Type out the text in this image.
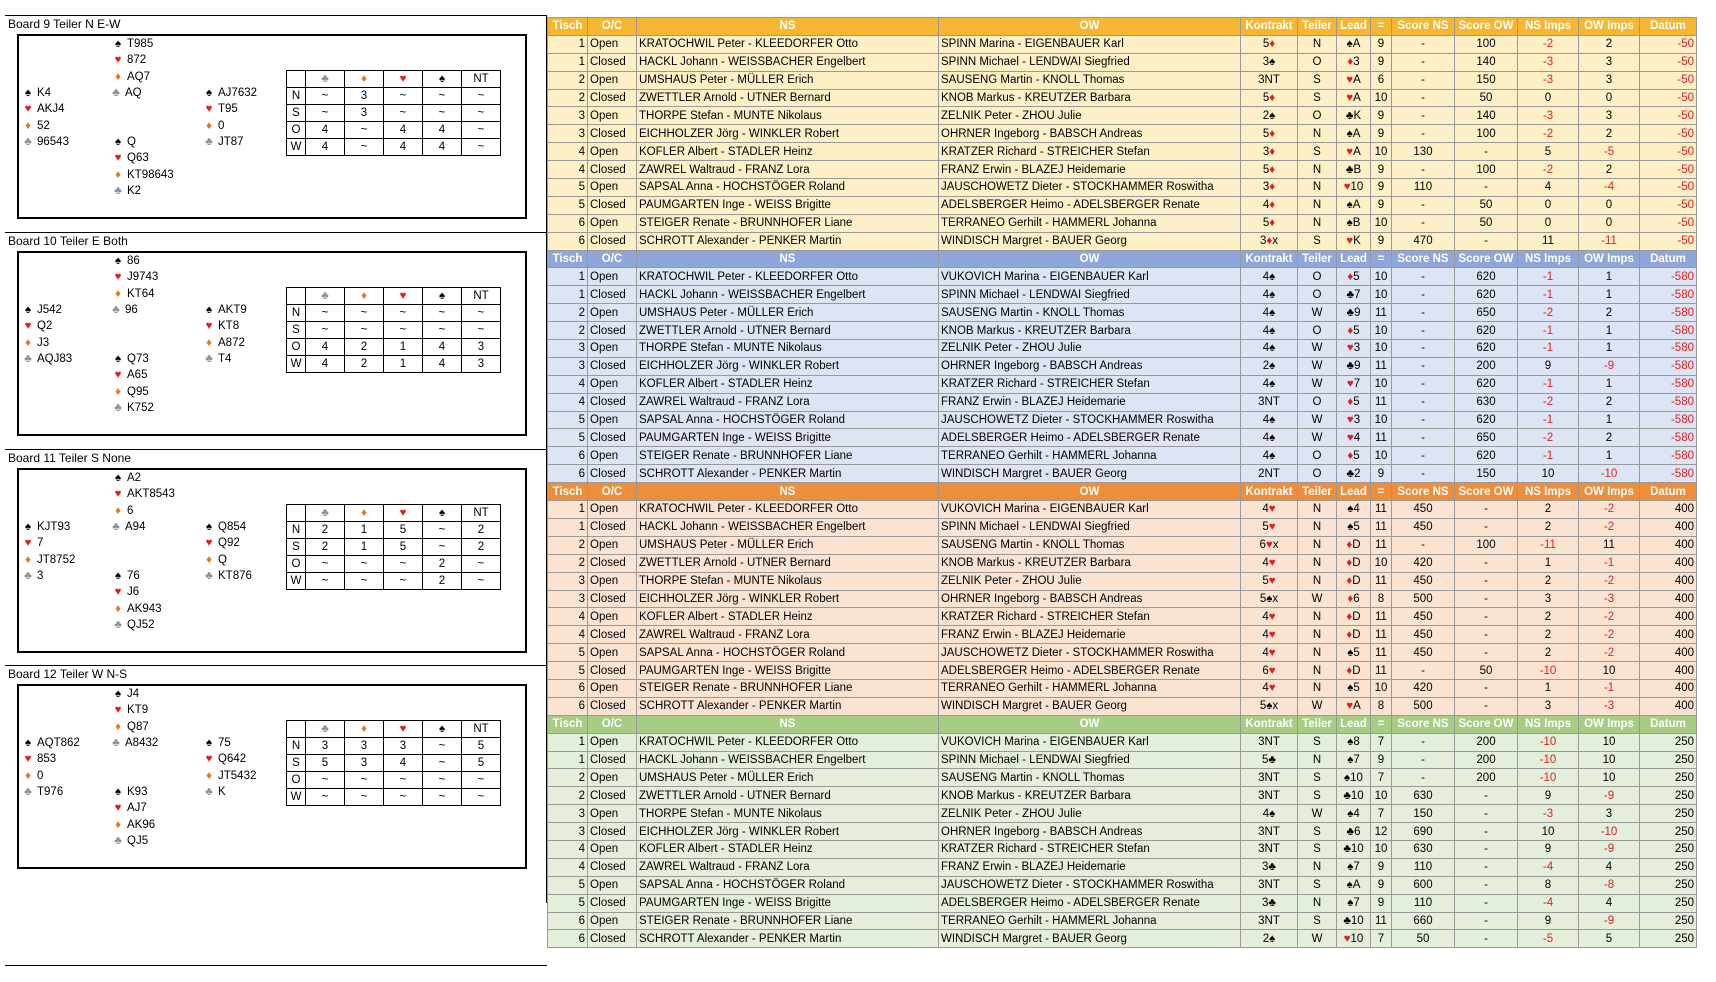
Board 9 Teiler N E-W
♠ T985
♥ 872
♦ AQ7
♣ AQ
♠ K4
♥ AKJ4
♦ 52
♣ 96543
♠ AJ7632
♥ T95
♦ 0
♣ JT87
♠ Q
♥ Q63
♦ KT98643
♣ K2
	♣	♦	♥	♠	NT
N	~	3	~	~	~
S	~	3	~	~	~
O	4	~	4	4	~
W	4	~	4	4	~
Board 10 Teiler E Both
♠ 86
♥ J9743
♦ KT64
♣ 96
♠ J542
♥ Q2
♦ J3
♣ AQJ83
♠ AKT9
♥ KT8
♦ A872
♣ T4
♠ Q73
♥ A65
♦ Q95
♣ K752
	♣	♦	♥	♠	NT
N	~	~	~	~	~
S	~	~	~	~	~
O	4	2	1	4	3
W	4	2	1	4	3
Board 11 Teiler S None
♠ A2
♥ AKT8543
♦ 6
♣ A94
♠ KJT93
♥ 7
♦ JT8752
♣ 3
♠ Q854
♥ Q92
♦ Q
♣ KT876
♠ 76
♥ J6
♦ AK943
♣ QJ52
	♣	♦	♥	♠	NT
N	2	1	5	~	2
S	2	1	5	~	2
O	~	~	~	2	~
W	~	~	~	2	~
Board 12 Teiler W N-S
♠ J4
♥ KT9
♦ Q87
♣ A8432
♠ AQT862
♥ 853
♦ 0
♣ T976
♠ 75
♥ Q642
♦ JT5432
♣ K
♠ K93
♥ AJ7
♦ AK96
♣ QJ5
	♣	♦	♥	♠	NT
N	3	3	3	~	5
S	5	3	4	~	5
O	~	~	~	~	~
W	~	~	~	~	~
Tisch	O/C	NS	OW	Kontrakt	Teiler	Lead	=	Score NS	Score OW	NS Imps	OW Imps	Datum
1	Open	KRATOCHWIL Peter - KLEEDORFER Otto	SPINN Marina - EIGENBAUER Karl	5♦	N	♠A	9	-	100	-2	2	-50
1	Closed	HACKL Johann - WEISSBACHER Engelbert	SPINN Michael - LENDWAI Siegfried	3♠	O	♦3	9	-	140	-3	3	-50
2	Open	UMSHAUS Peter - MÜLLER Erich	SAUSENG Martin - KNOLL Thomas	3NT	S	♥A	6	-	150	-3	3	-50
2	Closed	ZWETTLER Arnold - UTNER Bernard	KNOB Markus - KREUTZER Barbara	5♦	S	♥A	10	-	50	0	0	-50
3	Open	THORPE Stefan - MUNTE Nikolaus	ZELNIK Peter - ZHOU Julie	2♠	O	♣K	9	-	140	-3	3	-50
3	Closed	EICHHOLZER Jörg - WINKLER Robert	OHRNER Ingeborg - BABSCH Andreas	5♦	N	♠A	9	-	100	-2	2	-50
4	Open	KOFLER Albert - STADLER Heinz	KRATZER Richard - STREICHER Stefan	3♦	S	♥A	10	130	-	5	-5	-50
4	Closed	ZAWREL Waltraud - FRANZ Lora	FRANZ Erwin - BLAZEJ Heidemarie	5♦	N	♣B	9	-	100	-2	2	-50
5	Open	SAPSAL Anna - HOCHSTÖGER Roland	JAUSCHOWETZ Dieter - STOCKHAMMER Roswitha	3♦	N	♥10	9	110	-	4	-4	-50
5	Closed	PAUMGARTEN Inge - WEISS Brigitte	ADELSBERGER Heimo - ADELSBERGER Renate	4♦	N	♠A	9	-	50	0	0	-50
6	Open	STEIGER Renate - BRUNNHOFER Liane	TERRANEO Gerhilt - HAMMERL Johanna	5♦	N	♠B	10	-	50	0	0	-50
6	Closed	SCHROTT Alexander - PENKER Martin	WINDISCH Margret - BAUER Georg	3♦x	S	♥K	9	470	-	11	-11	-50
Tisch	O/C	NS	OW	Kontrakt	Teiler	Lead	=	Score NS	Score OW	NS Imps	OW Imps	Datum
1	Open	KRATOCHWIL Peter - KLEEDORFER Otto	VUKOVICH Marina - EIGENBAUER Karl	4♠	O	♦5	10	-	620	-1	1	-580
1	Closed	HACKL Johann - WEISSBACHER Engelbert	SPINN Michael - LENDWAI Siegfried	4♠	O	♣7	10	-	620	-1	1	-580
2	Open	UMSHAUS Peter - MÜLLER Erich	SAUSENG Martin - KNOLL Thomas	4♠	W	♣9	11	-	650	-2	2	-580
2	Closed	ZWETTLER Arnold - UTNER Bernard	KNOB Markus - KREUTZER Barbara	4♠	O	♦5	10	-	620	-1	1	-580
3	Open	THORPE Stefan - MUNTE Nikolaus	ZELNIK Peter - ZHOU Julie	4♠	W	♥3	10	-	620	-1	1	-580
3	Closed	EICHHOLZER Jörg - WINKLER Robert	OHRNER Ingeborg - BABSCH Andreas	2♠	W	♣9	11	-	200	9	-9	-580
4	Open	KOFLER Albert - STADLER Heinz	KRATZER Richard - STREICHER Stefan	4♠	W	♥7	10	-	620	-1	1	-580
4	Closed	ZAWREL Waltraud - FRANZ Lora	FRANZ Erwin - BLAZEJ Heidemarie	3NT	O	♦5	11	-	630	-2	2	-580
5	Open	SAPSAL Anna - HOCHSTÖGER Roland	JAUSCHOWETZ Dieter - STOCKHAMMER Roswitha	4♠	W	♥3	10	-	620	-1	1	-580
5	Closed	PAUMGARTEN Inge - WEISS Brigitte	ADELSBERGER Heimo - ADELSBERGER Renate	4♠	W	♥4	11	-	650	-2	2	-580
6	Open	STEIGER Renate - BRUNNHOFER Liane	TERRANEO Gerhilt - HAMMERL Johanna	4♠	O	♦5	10	-	620	-1	1	-580
6	Closed	SCHROTT Alexander - PENKER Martin	WINDISCH Margret - BAUER Georg	2NT	O	♣2	9	-	150	10	-10	-580
Tisch	O/C	NS	OW	Kontrakt	Teiler	Lead	=	Score NS	Score OW	NS Imps	OW Imps	Datum
1	Open	KRATOCHWIL Peter - KLEEDORFER Otto	VUKOVICH Marina - EIGENBAUER Karl	4♥	N	♠4	11	450	-	2	-2	400
1	Closed	HACKL Johann - WEISSBACHER Engelbert	SPINN Michael - LENDWAI Siegfried	5♥	N	♠5	11	450	-	2	-2	400
2	Open	UMSHAUS Peter - MÜLLER Erich	SAUSENG Martin - KNOLL Thomas	6♥x	N	♦D	11	-	100	-11	11	400
2	Closed	ZWETTLER Arnold - UTNER Bernard	KNOB Markus - KREUTZER Barbara	4♥	N	♦D	10	420	-	1	-1	400
3	Open	THORPE Stefan - MUNTE Nikolaus	ZELNIK Peter - ZHOU Julie	5♥	N	♦D	11	450	-	2	-2	400
3	Closed	EICHHOLZER Jörg - WINKLER Robert	OHRNER Ingeborg - BABSCH Andreas	5♠x	W	♦6	8	500	-	3	-3	400
4	Open	KOFLER Albert - STADLER Heinz	KRATZER Richard - STREICHER Stefan	4♥	N	♦D	11	450	-	2	-2	400
4	Closed	ZAWREL Waltraud - FRANZ Lora	FRANZ Erwin - BLAZEJ Heidemarie	4♥	N	♦D	11	450	-	2	-2	400
5	Open	SAPSAL Anna - HOCHSTÖGER Roland	JAUSCHOWETZ Dieter - STOCKHAMMER Roswitha	4♥	N	♠5	11	450	-	2	-2	400
5	Closed	PAUMGARTEN Inge - WEISS Brigitte	ADELSBERGER Heimo - ADELSBERGER Renate	6♥	N	♦D	11	-	50	-10	10	400
6	Open	STEIGER Renate - BRUNNHOFER Liane	TERRANEO Gerhilt - HAMMERL Johanna	4♥	N	♠5	10	420	-	1	-1	400
6	Closed	SCHROTT Alexander - PENKER Martin	WINDISCH Margret - BAUER Georg	5♠x	W	♥A	8	500	-	3	-3	400
Tisch	O/C	NS	OW	Kontrakt	Teiler	Lead	=	Score NS	Score OW	NS Imps	OW Imps	Datum
1	Open	KRATOCHWIL Peter - KLEEDORFER Otto	VUKOVICH Marina - EIGENBAUER Karl	3NT	S	♠8	7	-	200	-10	10	250
1	Closed	HACKL Johann - WEISSBACHER Engelbert	SPINN Michael - LENDWAI Siegfried	5♣	N	♠7	9	-	200	-10	10	250
2	Open	UMSHAUS Peter - MÜLLER Erich	SAUSENG Martin - KNOLL Thomas	3NT	S	♠10	7	-	200	-10	10	250
2	Closed	ZWETTLER Arnold - UTNER Bernard	KNOB Markus - KREUTZER Barbara	3NT	S	♣10	10	630	-	9	-9	250
3	Open	THORPE Stefan - MUNTE Nikolaus	ZELNIK Peter - ZHOU Julie	4♠	W	♠4	7	150	-	-3	3	250
3	Closed	EICHHOLZER Jörg - WINKLER Robert	OHRNER Ingeborg - BABSCH Andreas	3NT	S	♣6	12	690	-	10	-10	250
4	Open	KOFLER Albert - STADLER Heinz	KRATZER Richard - STREICHER Stefan	3NT	S	♣10	10	630	-	9	-9	250
4	Closed	ZAWREL Waltraud - FRANZ Lora	FRANZ Erwin - BLAZEJ Heidemarie	3♣	N	♠7	9	110	-	-4	4	250
5	Open	SAPSAL Anna - HOCHSTÖGER Roland	JAUSCHOWETZ Dieter - STOCKHAMMER Roswitha	3NT	S	♠A	9	600	-	8	-8	250
5	Closed	PAUMGARTEN Inge - WEISS Brigitte	ADELSBERGER Heimo - ADELSBERGER Renate	3♣	N	♠7	9	110	-	-4	4	250
6	Open	STEIGER Renate - BRUNNHOFER Liane	TERRANEO Gerhilt - HAMMERL Johanna	3NT	S	♣10	11	660	-	9	-9	250
6	Closed	SCHROTT Alexander - PENKER Martin	WINDISCH Margret - BAUER Georg	2♠	W	♥10	7	50	-	-5	5	250
